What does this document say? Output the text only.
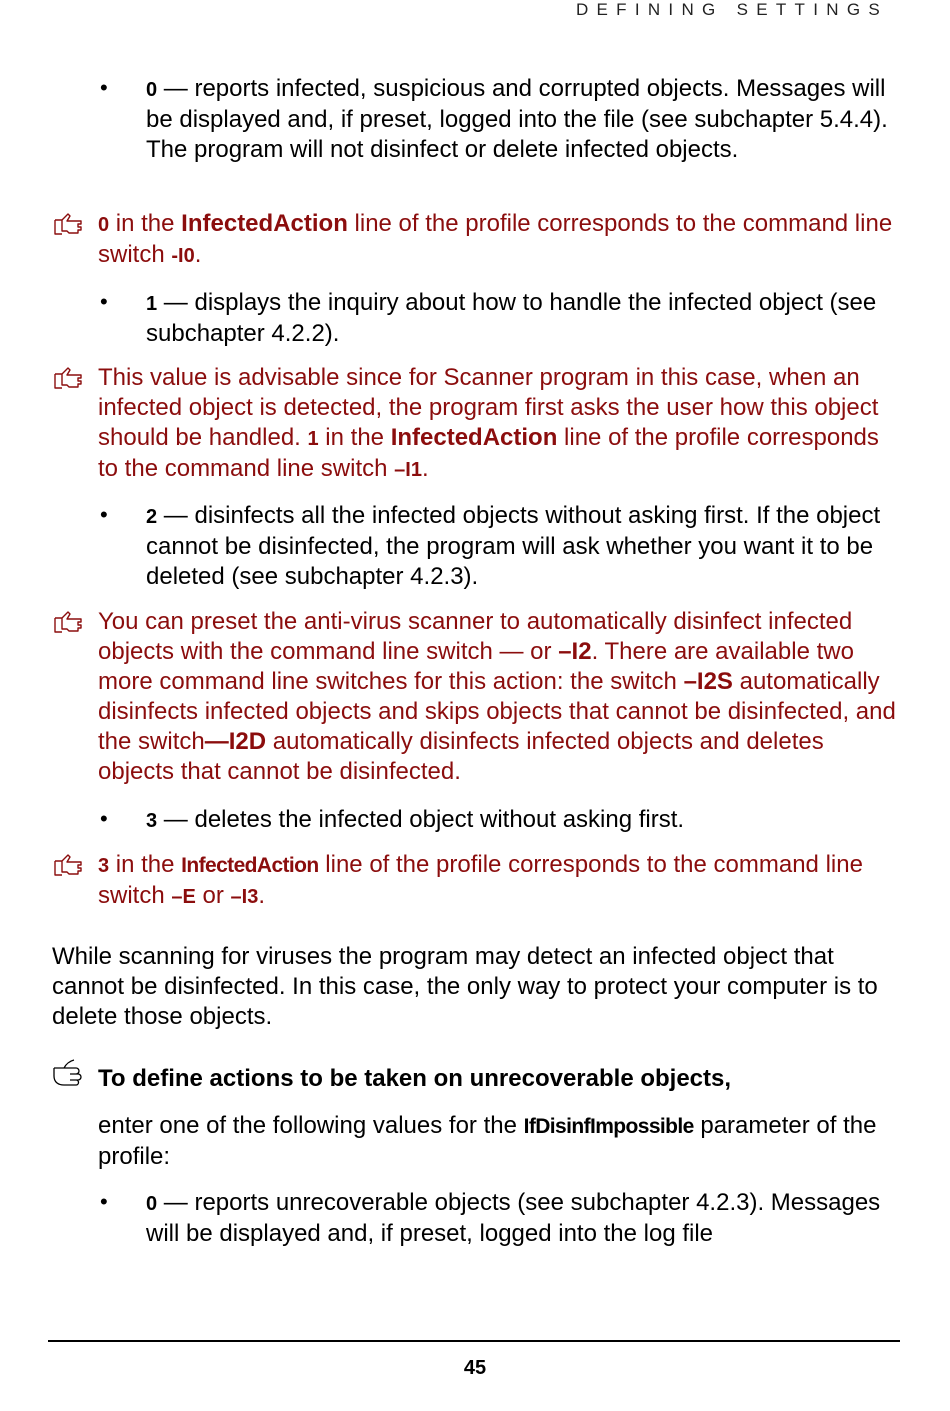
DEFINING SETTINGS
• 0 — reports infected, suspicious and corrupted objects. Messages will be displayed and, if preset, logged into the file (see subchapter 5.4.4). The program will not disinfect or delete infected objects.
0 in the InfectedAction line of the profile corresponds to the command line switch -I0.
• 1 — displays the inquiry about how to handle the infected object (see subchapter 4.2.2).
This value is advisable since for Scanner program in this case, when an infected object is detected, the program first asks the user how this object should be handled. 1 in the InfectedAction line of the profile corresponds to the command line switch –I1.
• 2 — disinfects all the infected objects without asking first. If the object cannot be disinfected, the program will ask whether you want it to be deleted (see subchapter 4.2.3).
You can preset the anti-virus scanner to automatically disinfect infected objects with the command line switch — or –I2. There are available two more command line switches for this action: the switch –I2S automatically disinfects infected objects and skips objects that cannot be disinfected, and the switch—I2D automatically disinfects infected objects and deletes objects that cannot be disinfected.
• 3 — deletes the infected object without asking first.
3 in the InfectedAction line of the profile corresponds to the command line switch –E or –I3.
While scanning for viruses the program may detect an infected object that cannot be disinfected. In this case, the only way to protect your computer is to delete those objects.
To define actions to be taken on unrecoverable objects,
enter one of the following values for the IfDisinfImpossible parameter of the profile:
• 0 — reports unrecoverable objects (see subchapter 4.2.3). Messages will be displayed and, if preset, logged into the log file
45
